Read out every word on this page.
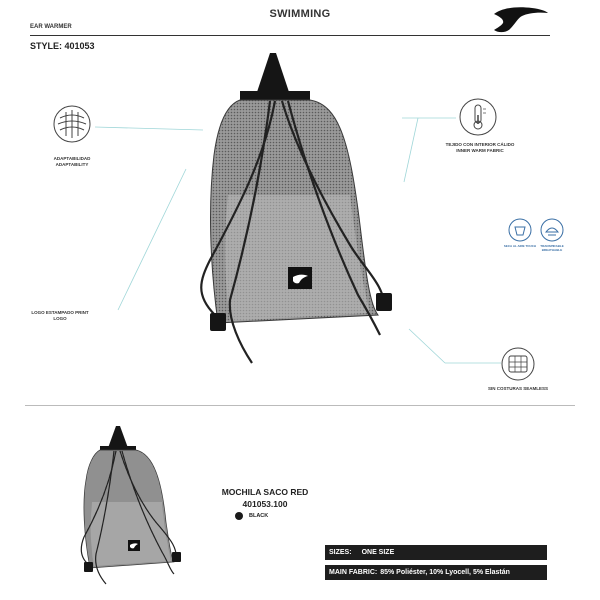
SWIMMING
EAR WARMER
STYLE: 401053
ADAPTABILIDAD ADAPTABILITY
LOGO ESTAMPADO PRINT LOGO
TEJIDO CON INTERIOR CÁLIDO INNER WARM FABRIC
SECA AL AIRE TOUCH	TRANSPIRABLE BREATHABLE
SIN COSTURAS SEAMLESS
MOCHILA SACO RED
401053.100
BLACK
SIZES: ONE SIZE
MAIN FABRIC: 85% Poliéster, 10% Lyocell, 5% Elastán
